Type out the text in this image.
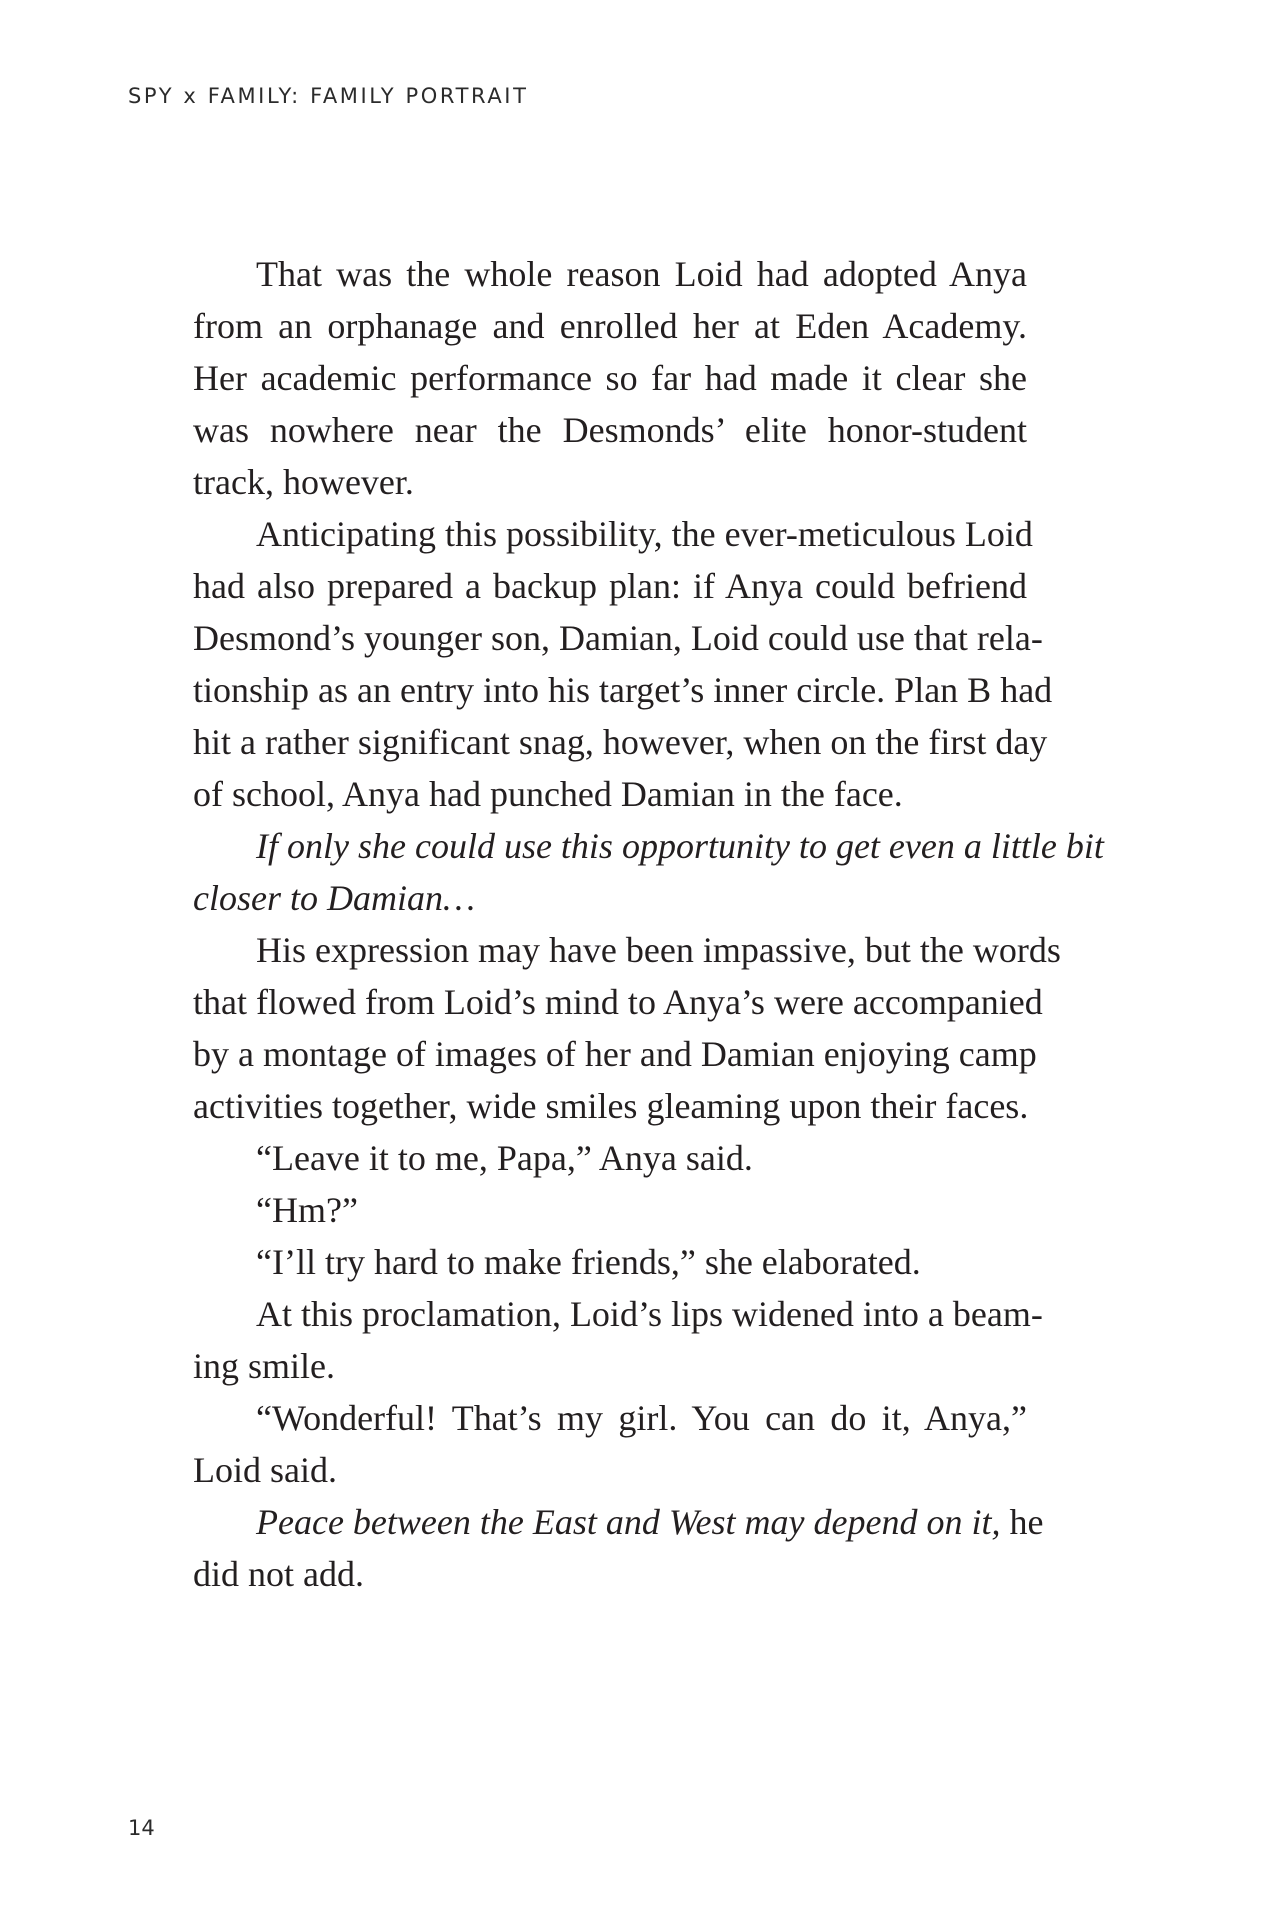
SPY x FAMILY: FAMILY PORTRAIT
That was the whole reason Loid had adopted Anya
from an orphanage and enrolled her at Eden Academy.
Her academic performance so far had made it clear she
was nowhere near the Desmonds’ elite honor-student
track, however.
Anticipating this possibility, the ever-meticulous Loid
had also prepared a backup plan: if Anya could befriend
Desmond’s younger son, Damian, Loid could use that rela-
tionship as an entry into his target’s inner circle. Plan B had
hit a rather significant snag, however, when on the first day
of school, Anya had punched Damian in the face.
If only she could use this opportunity to get even a little bit
closer to Damian…
His expression may have been impassive, but the words
that flowed from Loid’s mind to Anya’s were accompanied
by a montage of images of her and Damian enjoying camp
activities together, wide smiles gleaming upon their faces.
“Leave it to me, Papa,” Anya said.
“Hm?”
“I’ll try hard to make friends,” she elaborated.
At this proclamation, Loid’s lips widened into a beam-
ing smile.
“Wonderful! That’s my girl. You can do it, Anya,”
Loid said.
Peace between the East and West may depend on it, he
did not add.
14
